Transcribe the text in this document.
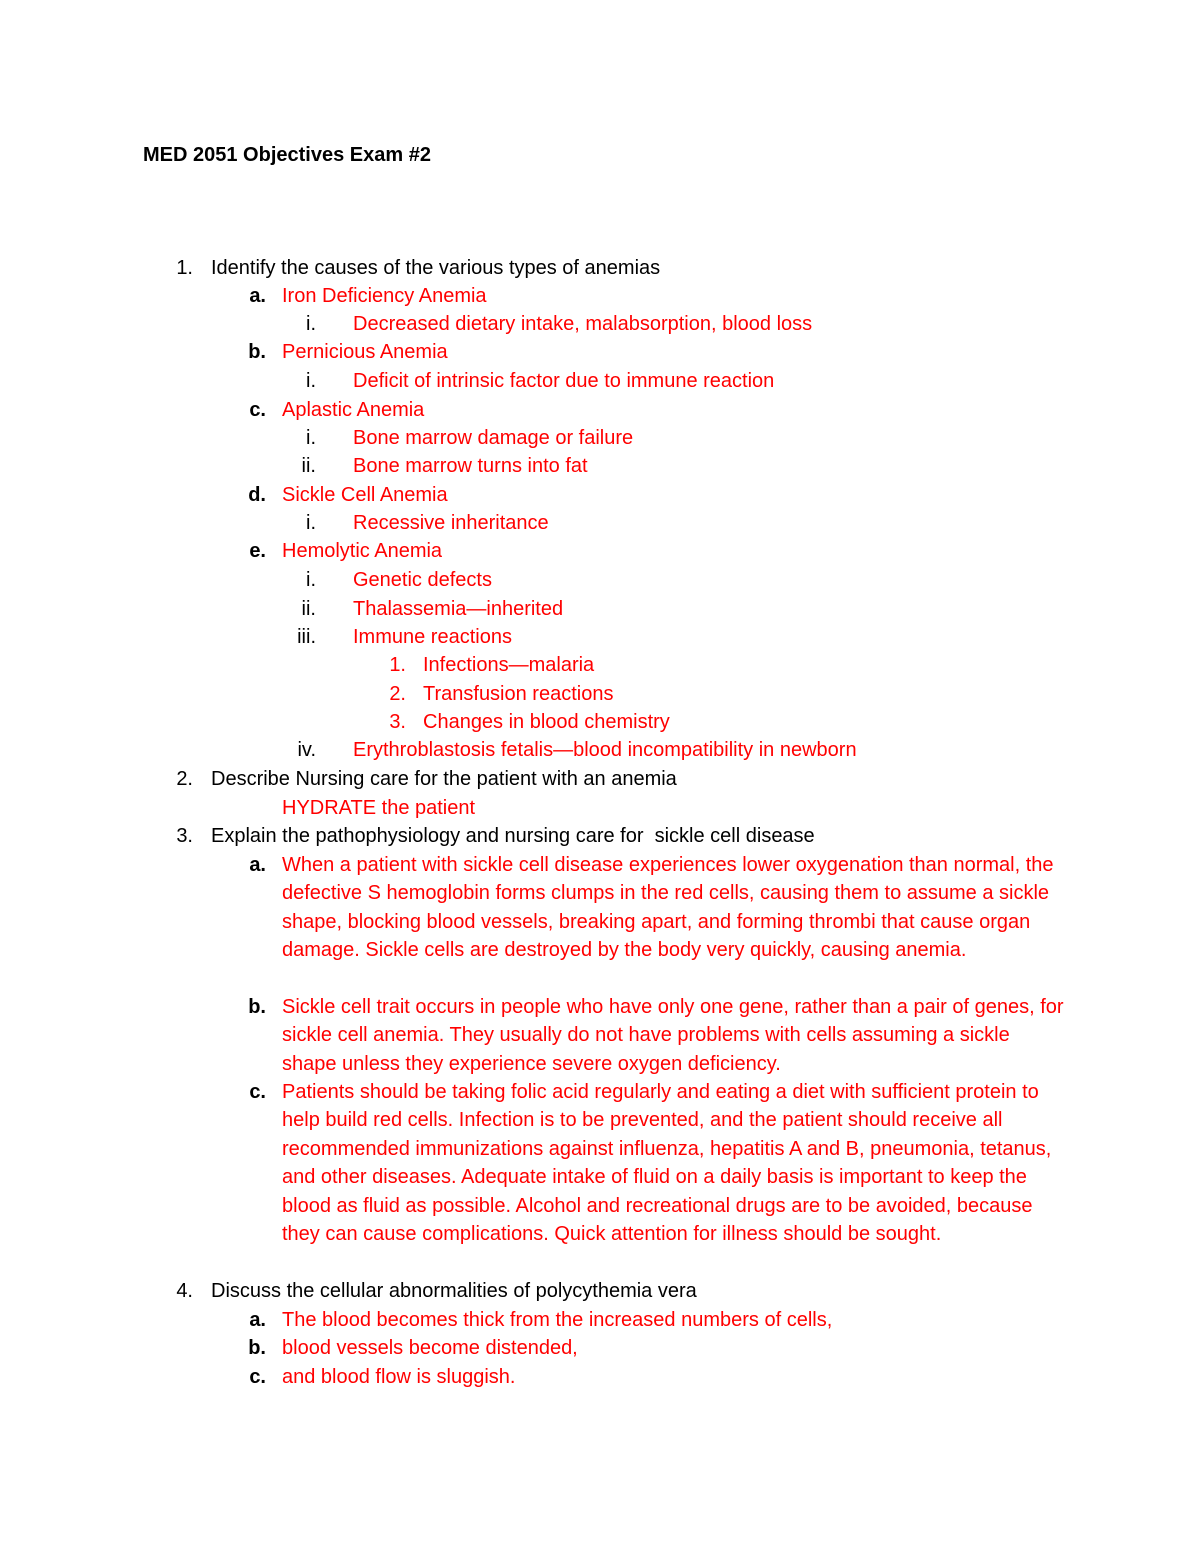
MED 2051 Objectives Exam #2
1. Identify the causes of the various types of anemias
a. Iron Deficiency Anemia
i. Decreased dietary intake, malabsorption, blood loss
b. Pernicious Anemia
i. Deficit of intrinsic factor due to immune reaction
c. Aplastic Anemia
i. Bone marrow damage or failure
ii. Bone marrow turns into fat
d. Sickle Cell Anemia
i. Recessive inheritance
e. Hemolytic Anemia
i. Genetic defects
ii. Thalassemia—inherited
iii. Immune reactions
1. Infections—malaria
2. Transfusion reactions
3. Changes in blood chemistry
iv. Erythroblastosis fetalis—blood incompatibility in newborn
2. Describe Nursing care for the patient with an anemia
HYDRATE the patient
3. Explain the pathophysiology and nursing care for  sickle cell disease
a. When a patient with sickle cell disease experiences lower oxygenation than normal, the defective S hemoglobin forms clumps in the red cells, causing them to assume a sickle shape, blocking blood vessels, breaking apart, and forming thrombi that cause organ damage. Sickle cells are destroyed by the body very quickly, causing anemia.
b. Sickle cell trait occurs in people who have only one gene, rather than a pair of genes, for sickle cell anemia. They usually do not have problems with cells assuming a sickle shape unless they experience severe oxygen deficiency.
c. Patients should be taking folic acid regularly and eating a diet with sufficient protein to help build red cells. Infection is to be prevented, and the patient should receive all recommended immunizations against influenza, hepatitis A and B, pneumonia, tetanus, and other diseases. Adequate intake of fluid on a daily basis is important to keep the blood as fluid as possible. Alcohol and recreational drugs are to be avoided, because they can cause complications. Quick attention for illness should be sought.
4. Discuss the cellular abnormalities of polycythemia vera
a. The blood becomes thick from the increased numbers of cells,
b. blood vessels become distended,
c. and blood flow is sluggish.
